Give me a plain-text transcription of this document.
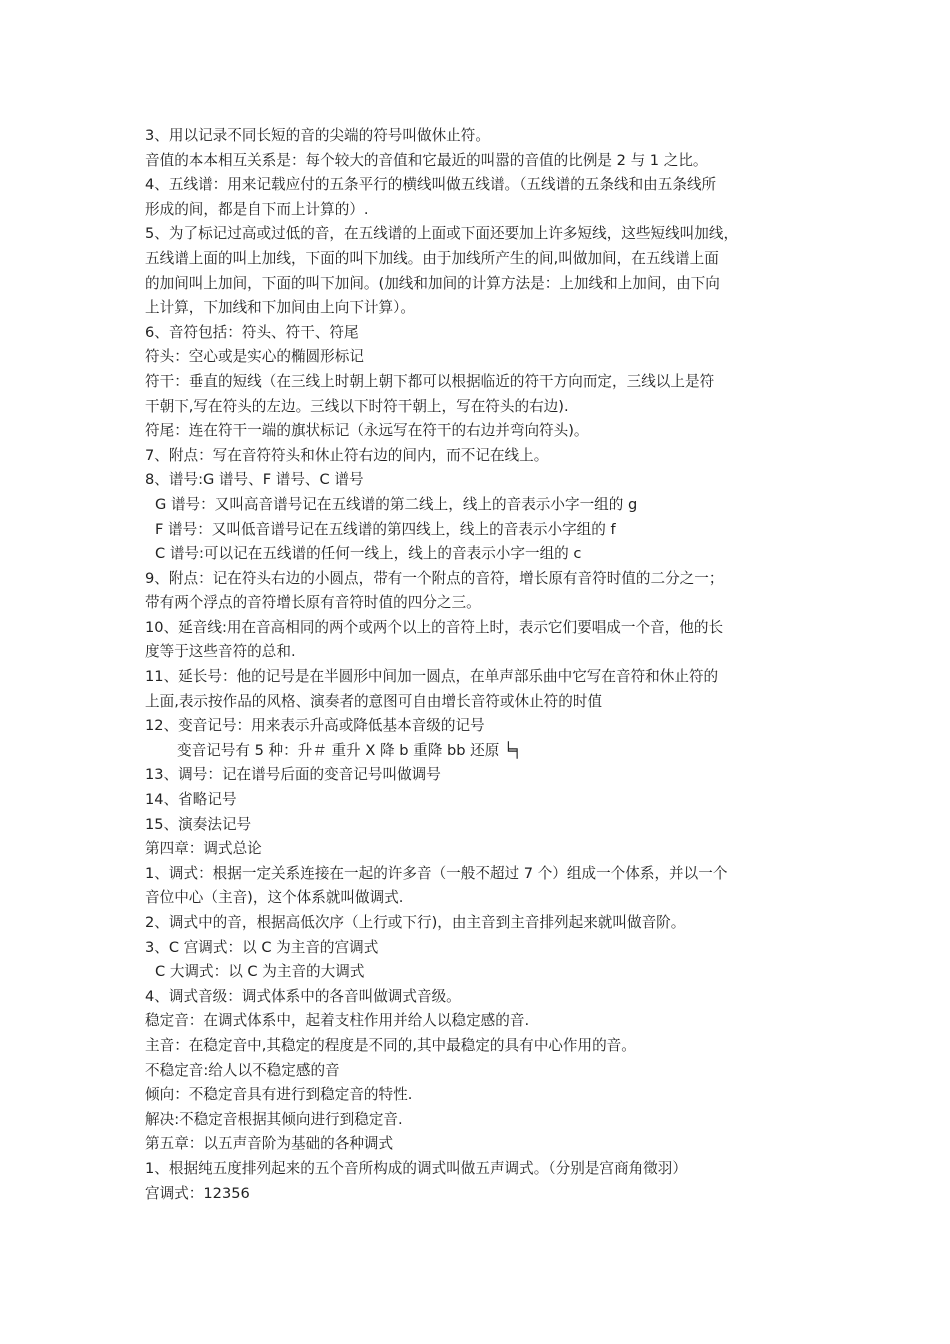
3、用以记录不同长短的音的尖端的符号叫做休止符。
音值的本本相互关系是：每个较大的音值和它最近的叫嚣的音值的比例是 2 与 1 之比。
4、五线谱：用来记载应付的五条平行的横线叫做五线谱。（五线谱的五条线和由五条线所
形成的间，都是自下而上计算的）.
5、为了标记过高或过低的音，在五线谱的上面或下面还要加上许多短线，这些短线叫加线，
五线谱上面的叫上加线，下面的叫下加线。由于加线所产生的间,叫做加间，在五线谱上面
的加间叫上加间，下面的叫下加间。(加线和加间的计算方法是：上加线和上加间，由下向
上计算，下加线和下加间由上向下计算）。
6、音符包括：符头、符干、符尾
符头：空心或是实心的椭圆形标记
符干：垂直的短线（在三线上时朝上朝下都可以根据临近的符干方向而定，三线以上是符
干朝下,写在符头的左边。三线以下时符干朝上，写在符头的右边).
符尾：连在符干一端的旗状标记（永远写在符干的右边并弯向符头)。
7、附点：写在音符符头和休止符右边的间内，而不记在线上。
8、谱号:G 谱号、F 谱号、C 谱号
G 谱号：又叫高音谱号记在五线谱的第二线上，线上的音表示小字一组的 g
F 谱号：又叫低音谱号记在五线谱的第四线上，线上的音表示小字组的 f
C 谱号:可以记在五线谱的任何一线上，线上的音表示小字一组的 c
9、附点：记在符头右边的小圆点，带有一个附点的音符，增长原有音符时值的二分之一；
带有两个浮点的音符增长原有音符时值的四分之三。
10、延音线:用在音高相同的两个或两个以上的音符上时，表示它们要唱成一个音，他的长
度等于这些音符的总和.
11、延长号：他的记号是在半圆形中间加一圆点，在单声部乐曲中它写在音符和休止符的
上面,表示按作品的风格、演奏者的意图可自由增长音符或休止符的时值
12、变音记号：用来表示升高或降低基本音级的记号
变音记号有 5 种：升＃ 重升 X 降 b 重降 bb 还原 ╘╕
13、调号：记在谱号后面的变音记号叫做调号
14、省略记号
15、演奏法记号
第四章：调式总论
1、调式：根据一定关系连接在一起的许多音（一般不超过 7 个）组成一个体系，并以一个
音位中心（主音)，这个体系就叫做调式.
2、调式中的音，根据高低次序（上行或下行)，由主音到主音排列起来就叫做音阶。
3、C 宫调式：以 C 为主音的宫调式
C 大调式：以 C 为主音的大调式
4、调式音级：调式体系中的各音叫做调式音级。
稳定音：在调式体系中，起着支柱作用并给人以稳定感的音.
主音：在稳定音中,其稳定的程度是不同的,其中最稳定的具有中心作用的音。
不稳定音:给人以不稳定感的音
倾向：不稳定音具有进行到稳定音的特性.
解决:不稳定音根据其倾向进行到稳定音.
第五章：以五声音阶为基础的各种调式
1、根据纯五度排列起来的五个音所构成的调式叫做五声调式。（分别是宫商角徵羽）
宫调式：12356
